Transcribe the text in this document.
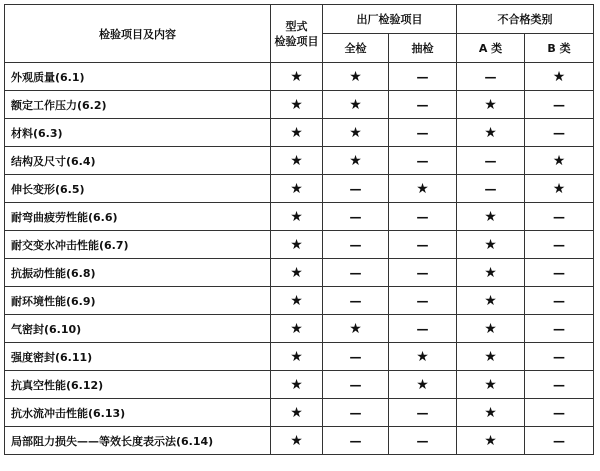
检验项目及内容	型式
检验项目	出厂检验项目		不合格类别	
		全检	抽检	A 类	B 类
外观质量(6.1)	★	★	—	—	★
额定工作压力(6.2)	★	★	—	★	—
材料(6.3)	★	★	—	★	—
结构及尺寸(6.4)	★	★	—	—	★
伸长变形(6.5)	★	—	★	—	★
耐弯曲疲劳性能(6.6)	★	—	—	★	—
耐交变水冲击性能(6.7)	★	—	—	★	—
抗振动性能(6.8)	★	—	—	★	—
耐环境性能(6.9)	★	—	—	★	—
气密封(6.10)	★	★	—	★	—
强度密封(6.11)	★	—	★	★	—
抗真空性能(6.12)	★	—	★	★	—
抗水流冲击性能(6.13)	★	—	—	★	—
局部阻力损失——等效长度表示法(6.14)	★	—	—	★	—
